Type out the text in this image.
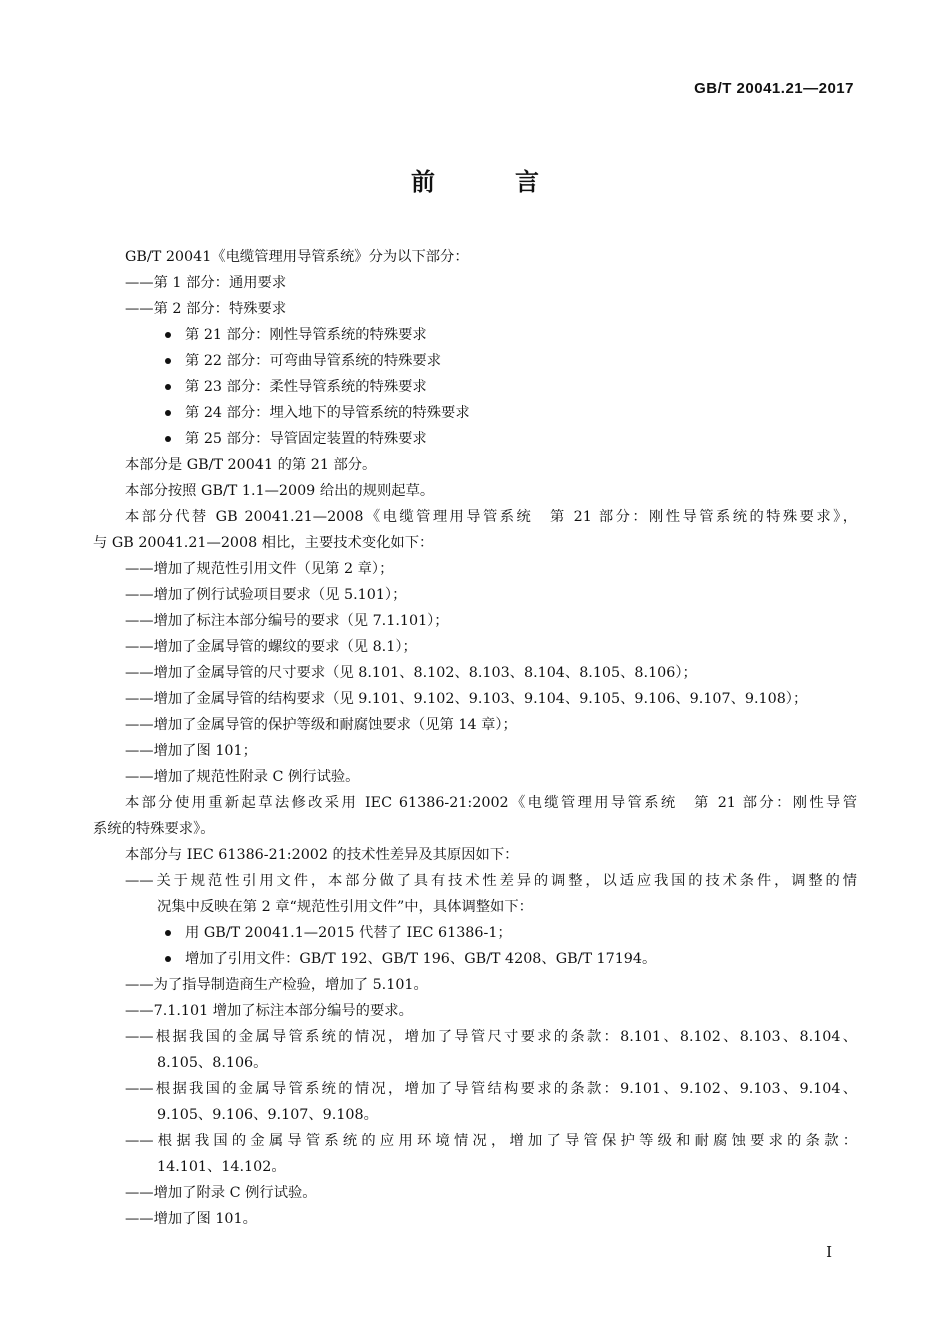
GB/T 20041.21—2017
前　言
GB/T 20041《电缆管理用导管系统》分为以下部分：
——第 1 部分：通用要求
——第 2 部分：特殊要求
第 21 部分：刚性导管系统的特殊要求
第 22 部分：可弯曲导管系统的特殊要求
第 23 部分：柔性导管系统的特殊要求
第 24 部分：埋入地下的导管系统的特殊要求
第 25 部分：导管固定装置的特殊要求
本部分是 GB/T 20041 的第 21 部分。
本部分按照 GB/T 1.1—2009 给出的规则起草。
本部分代替 GB 20041.21—2008《电缆管理用导管系统　第 21 部分：刚性导管系统的特殊要求》，
与 GB 20041.21—2008 相比，主要技术变化如下：
——增加了规范性引用文件（见第 2 章）；
——增加了例行试验项目要求（见 5.101）；
——增加了标注本部分编号的要求（见 7.1.101）；
——增加了金属导管的螺纹的要求（见 8.1）；
——增加了金属导管的尺寸要求（见 8.101、8.102、8.103、8.104、8.105、8.106）；
——增加了金属导管的结构要求（见 9.101、9.102、9.103、9.104、9.105、9.106、9.107、9.108）；
——增加了金属导管的保护等级和耐腐蚀要求（见第 14 章）；
——增加了图 101；
——增加了规范性附录 C 例行试验。
本部分使用重新起草法修改采用 IEC 61386-21:2002《电缆管理用导管系统　第 21 部分：刚性导管
系统的特殊要求》。
本部分与 IEC 61386-21:2002 的技术性差异及其原因如下：
——关于规范性引用文件，本部分做了具有技术性差异的调整，以适应我国的技术条件，调整的情
况集中反映在第 2 章“规范性引用文件”中，具体调整如下：
用 GB/T 20041.1—2015 代替了 IEC 61386-1；
增加了引用文件：GB/T 192、GB/T 196、GB/T 4208、GB/T 17194。
——为了指导制造商生产检验，增加了 5.101。
——7.1.101 增加了标注本部分编号的要求。
——根据我国的金属导管系统的情况，增加了导管尺寸要求的条款：8.101、8.102、8.103、8.104、
8.105、8.106。
——根据我国的金属导管系统的情况，增加了导管结构要求的条款：9.101、9.102、9.103、9.104、
9.105、9.106、9.107、9.108。
——根据我国的金属导管系统的应用环境情况，增加了导管保护等级和耐腐蚀要求的条款：
14.101、14.102。
——增加了附录 C 例行试验。
——增加了图 101。
I
